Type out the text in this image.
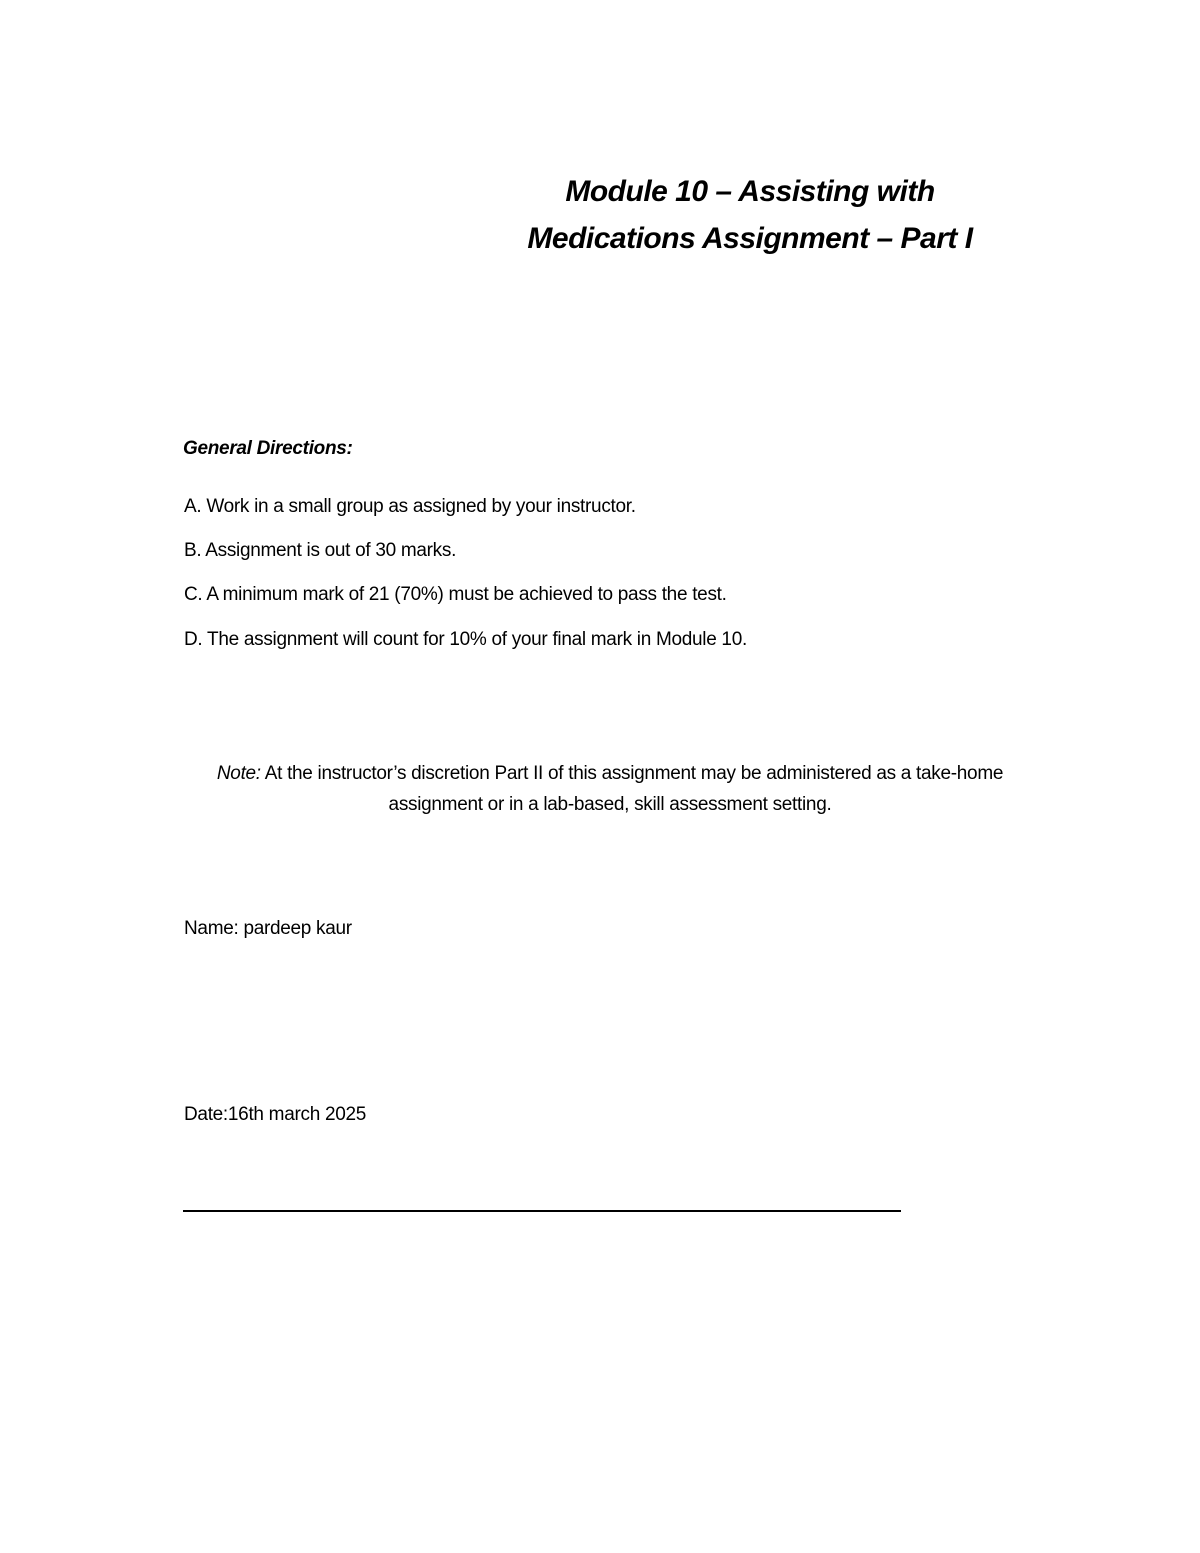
Module 10 – Assisting with
Medications Assignment – Part I
General Directions:
A. Work in a small group as assigned by your instructor.
B. Assignment is out of 30 marks.
C. A minimum mark of 21 (70%) must be achieved to pass the test.
D. The assignment will count for 10% of your final mark in Module 10.
Note: At the instructor’s discretion Part II of this assignment may be administered as a take-home assignment or in a lab-based, skill assessment setting.
Name: pardeep kaur
Date:16th march 2025
